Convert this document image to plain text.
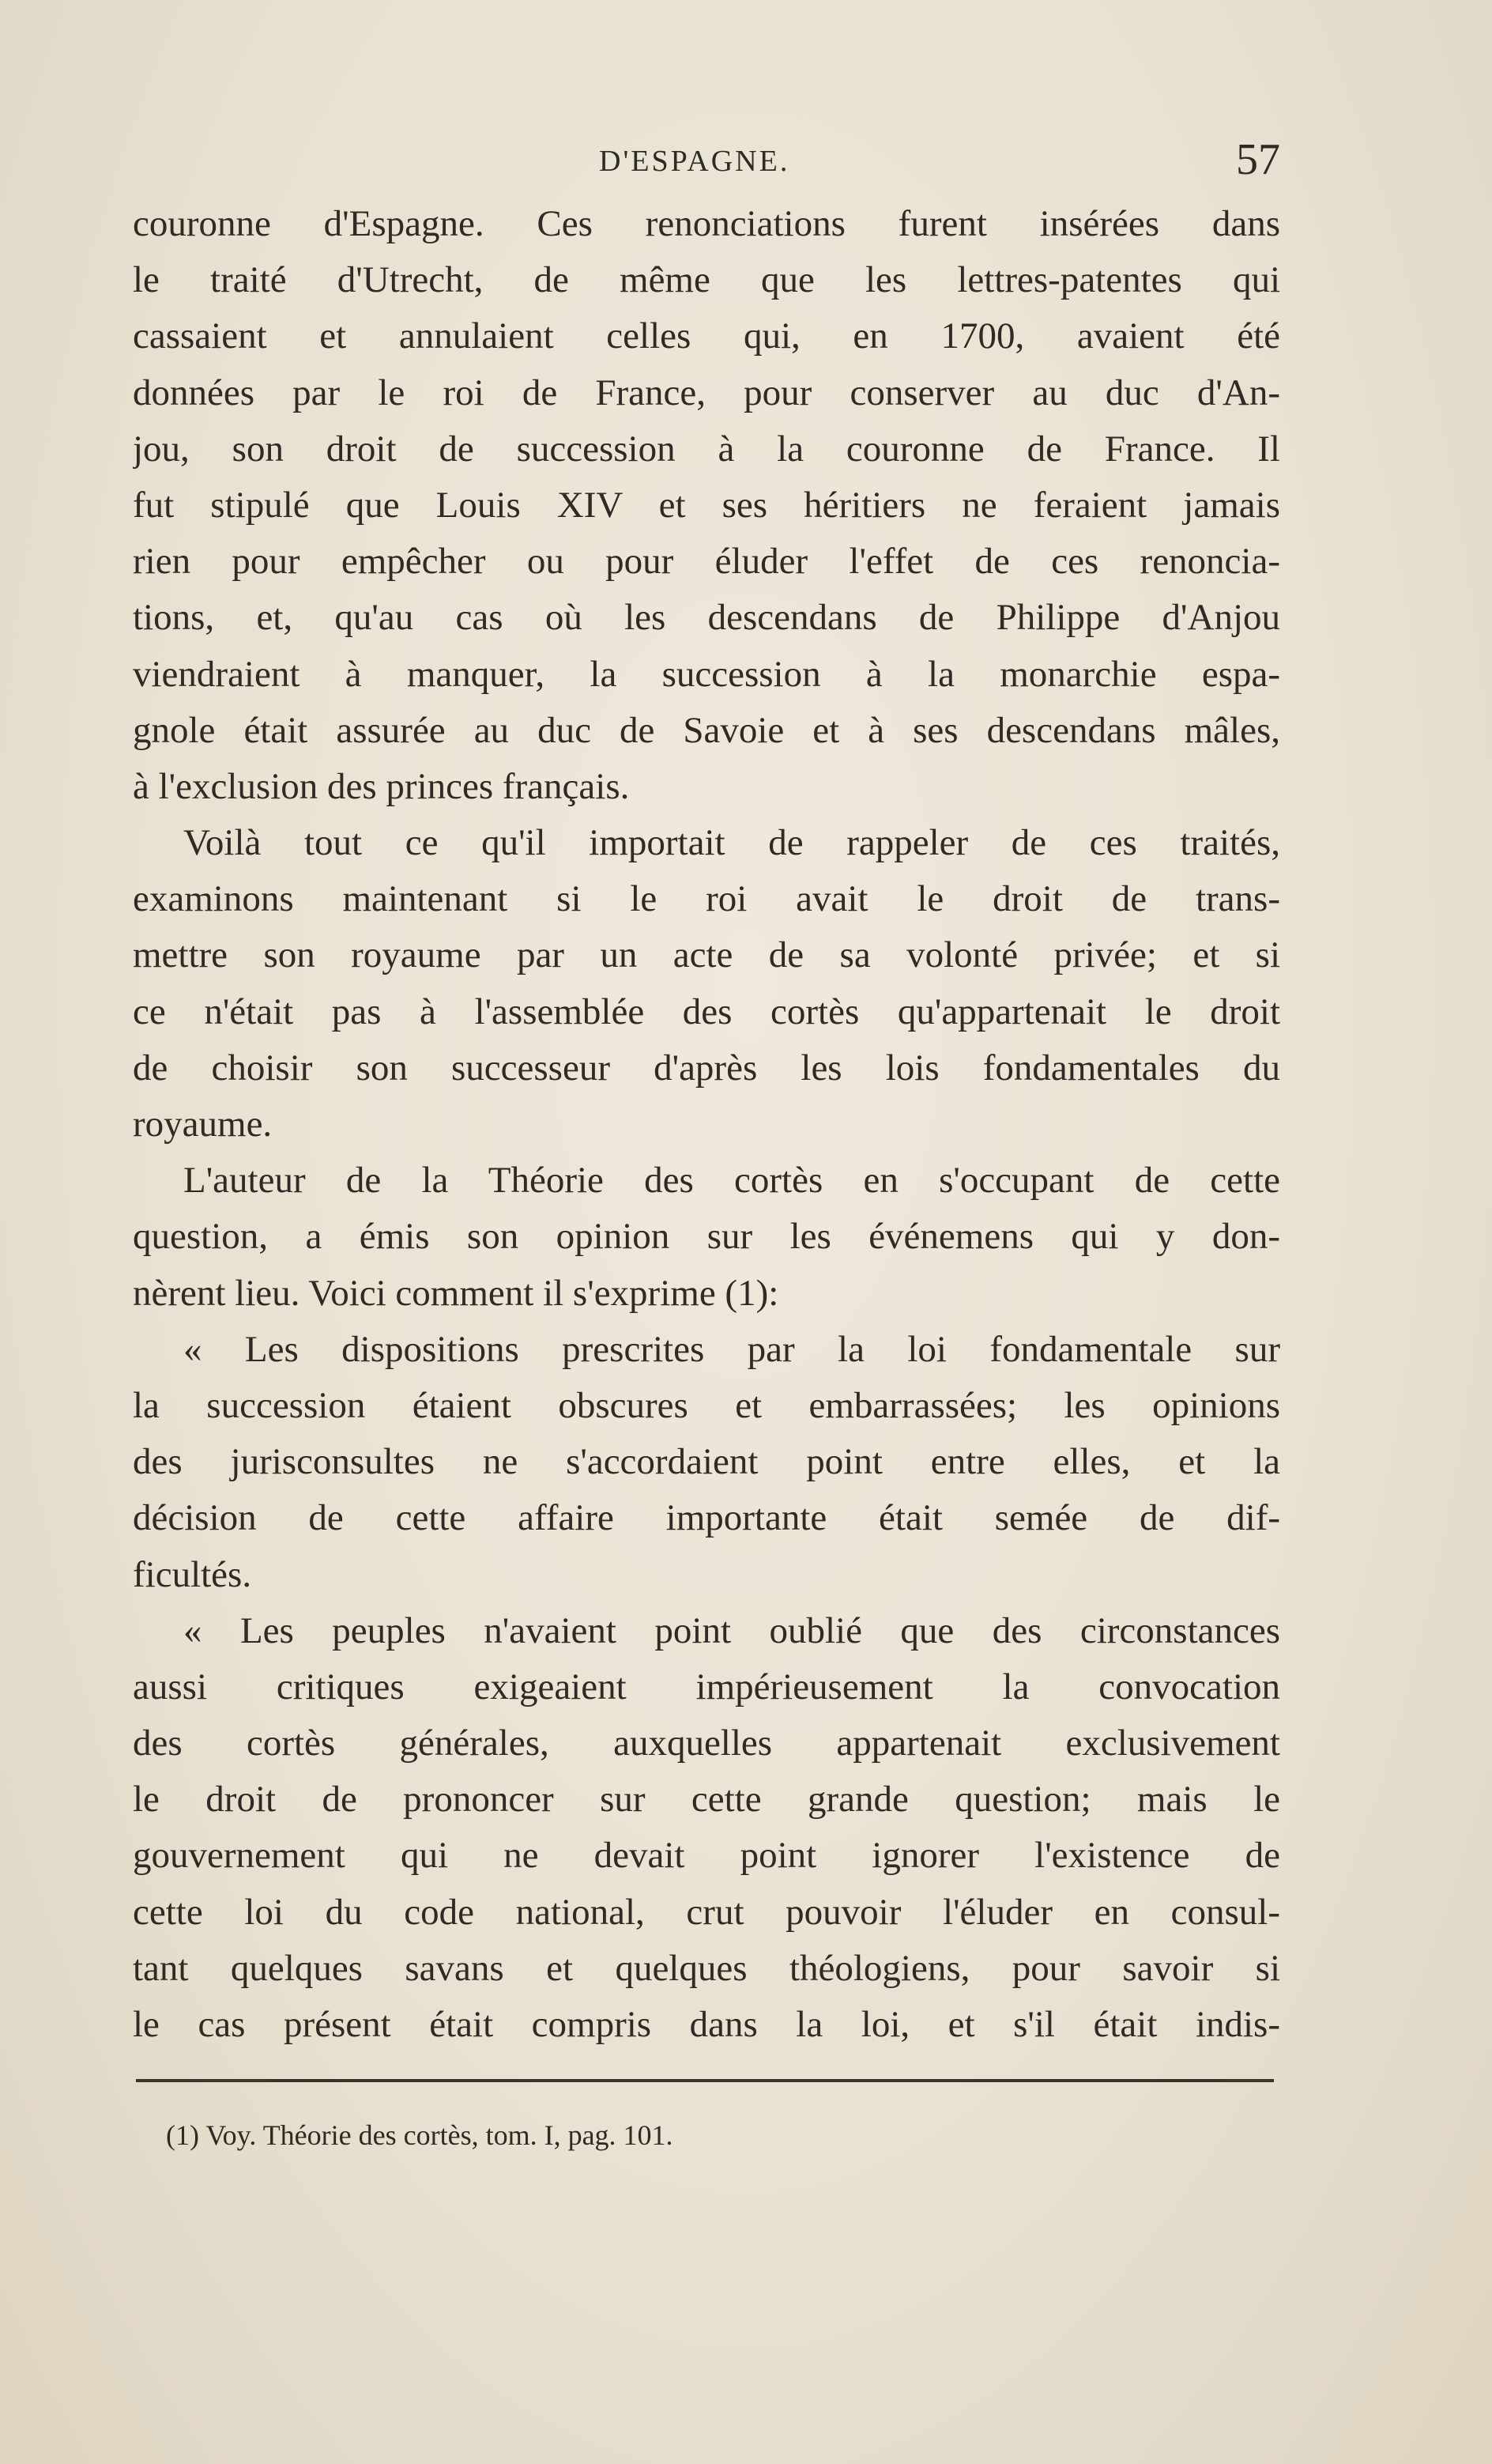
D'ESPAGNE.	57
couronne d'Espagne. Ces renonciations furent insérées dans
le traité d'Utrecht, de même que les lettres-patentes qui
cassaient et annulaient celles qui, en 1700, avaient été
données par le roi de France, pour conserver au duc d'An-
jou, son droit de succession à la couronne de France. Il
fut stipulé que Louis XIV et ses héritiers ne feraient jamais
rien pour empêcher ou pour éluder l'effet de ces renoncia-
tions, et, qu'au cas où les descendans de Philippe d'Anjou
viendraient à manquer, la succession à la monarchie espa-
gnole était assurée au duc de Savoie et à ses descendans mâles,
à l'exclusion des princes français.
Voilà tout ce qu'il importait de rappeler de ces traités,
examinons maintenant si le roi avait le droit de trans-
mettre son royaume par un acte de sa volonté privée; et si
ce n'était pas à l'assemblée des cortès qu'appartenait le droit
de choisir son successeur d'après les lois fondamentales du
royaume.
L'auteur de la Théorie des cortès en s'occupant de cette
question, a émis son opinion sur les événemens qui y don-
nèrent lieu. Voici comment il s'exprime (1):
« Les dispositions prescrites par la loi fondamentale sur
la succession étaient obscures et embarrassées; les opinions
des jurisconsultes ne s'accordaient point entre elles, et la
décision de cette affaire importante était semée de dif-
ficultés.
« Les peuples n'avaient point oublié que des circonstances
aussi critiques exigeaient impérieusement la convocation
des cortès générales, auxquelles appartenait exclusivement
le droit de prononcer sur cette grande question; mais le
gouvernement qui ne devait point ignorer l'existence de
cette loi du code national, crut pouvoir l'éluder en consul-
tant quelques savans et quelques théologiens, pour savoir si
le cas présent était compris dans la loi, et s'il était indis-
(1) Voy. Théorie des cortès, tom. I, pag. 101.
